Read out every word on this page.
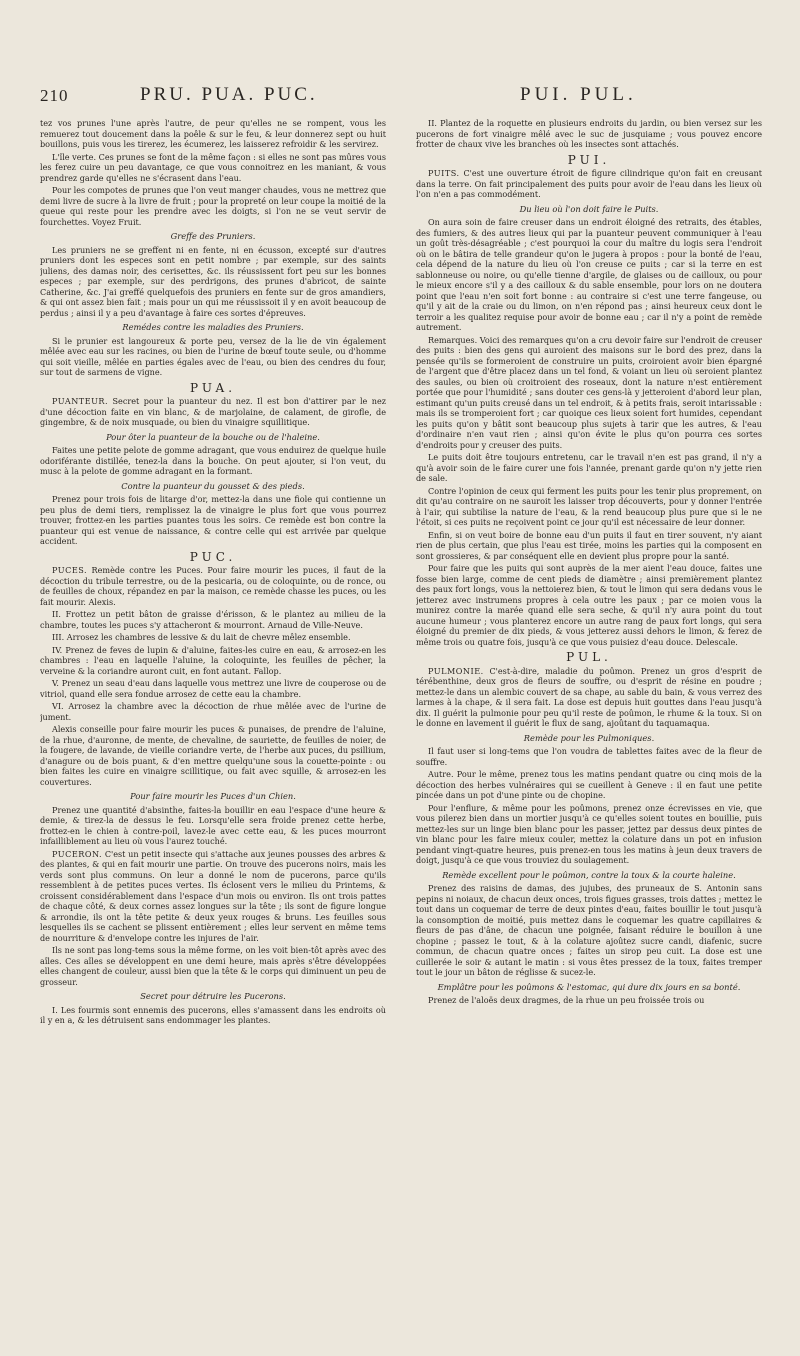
210	PRU. PUA. PUC.	PUI. PUL.

tez vos prunes l'une après l'autre, de peur qu'elles ne se rompent, vous les remuerez tout doucement dans la poêle & sur le feu, & leur donnerez sept ou huit bouillons, puis vous les tirerez, les écumerez, les laisserez refroidir & les servirez.

L'île verte. Ces prunes se font de la même façon : si elles ne sont pas mûres vous les ferez cuire un peu davantage, ce que vous connoitrez en les maniant, & vous prendrez garde qu'elles ne s'écrasent dans l'eau.

Pour les compotes de prunes que l'on veut manger chaudes, vous ne mettrez que demi livre de sucre à la livre de fruit ; pour la propreté on leur coupe la moitié de la queue qui reste pour les prendre avec les doigts, si l'on ne se veut servir de fourchettes. Voyez Fruit.

Greffe des Pruniers.

Les pruniers ne se greffent ni en fente, ni en écusson, excepté sur d'autres pruniers dont les especes sont en petit nombre ; par exemple, sur des saints juliens, des damas noir, des cerisettes, &c. ils réussissent fort peu sur les bonnes especes ; par exemple, sur des perdrigons, des prunes d'abricot, de sainte Catherine, &c. J'ai greffé quelquefois des pruniers en fente sur de gros amandiers, & qui ont assez bien fait ; mais pour un qui me réussissoit il y en avoit beaucoup de perdus ; ainsi il y a peu d'avantage à faire ces sortes d'épreuves.

Remédes contre les maladies des Pruniers.

Si le prunier est langoureux & porte peu, versez de la lie de vin également mêlée avec eau sur les racines, ou bien de l'urine de bœuf toute seule, ou d'homme qui soit vieille, mêlée en parties égales avec de l'eau, ou bien des cendres du four, sur tout de sarmens de vigne.

PUA.

PUANTEUR. Secret pour la puanteur du nez. Il est bon d'attirer par le nez d'une décoction faite en vin blanc, & de marjolaine, de calament, de girofle, de gingembre, & de noix musquade, ou bien du vinaigre squillitique.

Pour ôter la puanteur de la bouche ou de l'haleine.

Faites une petite pelote de gomme adragant, que vous enduirez de quelque huile odoriférante distillée, tenez-la dans la bouche. On peut ajouter, si l'on veut, du musc à la pelote de gomme adragant en la formant.

Contre la puanteur du gousset & des pieds.

Prenez pour trois fois de litarge d'or, mettez-la dans une fiole qui contienne un peu plus de demi tiers, remplissez la de vinaigre le plus fort que vous pourrez trouver, frottez-en les parties puantes tous les soirs. Ce remède est bon contre la puanteur qui est venue de naissance, & contre celle qui est arrivée par quelque accident.

PUC.

PUCES. Remède contre les Puces. Pour faire mourir les puces, il faut de la décoction du tribule terrestre, ou de la pesicaria, ou de coloquinte, ou de ronce, ou de feuilles de choux, répandez en par la maison, ce remède chasse les puces, ou les fait mourir. Alexis.

II. Frottez un petit bâton de graisse d'érisson, & le plantez au milieu de la chambre, toutes les puces s'y attacheront & mourront. Arnaud de Ville-Neuve.

III. Arrosez les chambres de lessive & du lait de chevre mêlez ensemble.

IV. Prenez de feves de lupin & d'aluine, faites-les cuire en eau, & arrosez-en les chambres : l'eau en laquelle l'aluine, la coloquinte, les feuilles de pêcher, la verveine & la coriandre auront cuit, en font autant. Fallop.

V. Prenez un seau d'eau dans laquelle vous mettrez une livre de couperose ou de vitriol, quand elle sera fondue arrosez de cette eau la chambre.

VI. Arrosez la chambre avec la décoction de rhue mêlée avec de l'urine de jument.

Alexis conseille pour faire mourir les puces & punaises, de prendre de l'aluine, de la rhue, d'auronne, de mente, de chevaline, de sauriette, de feuilles de noier, de la fougere, de lavande, de vieille coriandre verte, de l'herbe aux puces, du psillium, d'anagure ou de bois puant, & d'en mettre quelqu'une sous la couette-pointe : ou bien faites les cuire en vinaigre scillitique, ou fait avec squille, & arrosez-en les couvertures.

Pour faire mourir les Puces d'un Chien.

Prenez une quantité d'absinthe, faites-la bouillir en eau l'espace d'une heure & demie, & tirez-la de dessus le feu. Lorsqu'elle sera froide prenez cette herbe, frottez-en le chien à contre-poil, lavez-le avec cette eau, & les puces mourront infailliblement au lieu où vous l'aurez touché.

PUCERON. C'est un petit insecte qui s'attache aux jeunes pousses des arbres & des plantes, & qui en fait mourir une partie. On trouve des pucerons noirs, mais les verds sont plus communs. On leur a donné le nom de pucerons, parce qu'ils ressemblent à de petites puces vertes. Ils éclosent vers le milieu du Printems, & croissent considérablement dans l'espace d'un mois ou environ. Ils ont trois pattes de chaque côté, & deux cornes assez longues sur la tête ; ils sont de figure longue & arrondie, ils ont la tête petite & deux yeux rouges & bruns. Les feuilles sous lesquelles ils se cachent se plissent entièrement ; elles leur servent en même tems de nourriture & d'envelope contre les injures de l'air.

Ils ne sont pas long-tems sous la même forme, on les voit bien-tôt après avec des aîles. Ces aîles se développent en une demi heure, mais après s'être développées elles changent de couleur, aussi bien que la tête & le corps qui diminuent un peu de grosseur.

Secret pour détruire les Pucerons.

I. Les fourmis sont ennemis des pucerons, elles s'amassent dans les endroits où il y en a, & les détruisent sans endommager les plantes.

II. Plantez de la roquette en plusieurs endroits du jardin, ou bien versez sur les pucerons de fort vinaigre mêlé avec le suc de jusquiame ; vous pouvez encore frotter de chaux vive les branches où les insectes sont attachés.

PUI.

PUITS. C'est une ouverture étroit de figure cilindrique qu'on fait en creusant dans la terre. On fait principalement des puits pour avoir de l'eau dans les lieux où l'on n'en a pas commodément.

Du lieu où l'on doit faire le Puits.

On aura soin de faire creuser dans un endroit éloigné des retraits, des étables, des fumiers, & des autres lieux qui par la puanteur peuvent communiquer à l'eau un goût très-désagréable ; c'est pourquoi la cour du maître du logis sera l'endroit où on le bâtira de telle grandeur qu'on le jugera à propos : pour la bonté de l'eau, cela dépend de la nature du lieu où l'on creuse ce puits ; car si la terre en est sablonneuse ou noire, ou qu'elle tienne d'argile, de glaises ou de cailloux, ou pour le mieux encore s'il y a des cailloux & du sable ensemble, pour lors on ne doutera point que l'eau n'en soit fort bonne : au contraire si c'est une terre fangeuse, ou qu'il y ait de la craie ou du limon, on n'en répond pas ; ainsi heureux ceux dont le terroir a les qualitez requise pour avoir de bonne eau ; car il n'y a point de remède autrement.

Remarques. Voici des remarques qu'on a cru devoir faire sur l'endroit de creuser des puits : bien des gens qui auroient des maisons sur le bord des prez, dans la pensée qu'ils se formeroient de construire un puits, croiroient avoir bien épargné de l'argent que d'être placez dans un tel fond, & voiant un lieu où seroient plantez des saules, ou bien où croitroient des roseaux, dont la nature n'est entièrement portée que pour l'humidité ; sans douter ces gens-là y jetteroient d'abord leur plan, estimant qu'un puits creusé dans un tel endroit, & à petits frais, seroit intarissable : mais ils se tromperoient fort ; car quoique ces lieux soient fort humides, cependant les puits qu'on y bâtit sont beaucoup plus sujets à tarir que les autres, & l'eau d'ordinaire n'en vaut rien ; ainsi qu'on évite le plus qu'on pourra ces sortes d'endroits pour y creuser des puits.

Le puits doit être toujours entretenu, car le travail n'en est pas grand, il n'y a qu'à avoir soin de le faire curer une fois l'année, prenant garde qu'on n'y jette rien de sale.

Contre l'opinion de ceux qui ferment les puits pour les tenir plus proprement, on dit qu'au contraire on ne sauroit les laisser trop découverts, pour y donner l'entrée à l'air, qui subtilise la nature de l'eau, & la rend beaucoup plus pure que si le ne l'étoit, si ces puits ne reçoivent point ce jour qu'il est nécessaire de leur donner.

Enfin, si on veut boire de bonne eau d'un puits il faut en tirer souvent, n'y aiant rien de plus certain, que plus l'eau est tirée, moins les parties qui la composent en sont grossieres, & par conséquent elle en devient plus propre pour la santé.

Pour faire que les puits qui sont auprès de la mer aient l'eau douce, faites une fosse bien large, comme de cent pieds de diamètre ; ainsi premièrement plantez des paux fort longs, vous la nettoierez bien, & tout le limon qui sera dedans vous le jetterez avec instrumens propres à cela outre les paux ; par ce moien vous la munirez contre la marée quand elle sera seche, & qu'il n'y aura point du tout aucune humeur ; vous planterez encore un autre rang de paux fort longs, qui sera éloigné du premier de dix pieds, & vous jetterez aussi dehors le limon, & ferez de même trois ou quatre fois, jusqu'à ce que vous puisiez d'eau douce. Delescale.

PUL.

PULMONIE. C'est-à-dire, maladie du poûmon. Prenez un gros d'esprit de térébenthine, deux gros de fleurs de souffre, ou d'esprit de résine en poudre ; mettez-le dans un alembic couvert de sa chape, au sable du bain, & vous verrez des larmes à la chape, & il sera fait. La dose est depuis huit gouttes dans l'eau jusqu'à dix. Il guérit la pulmonie pour peu qu'il reste de poûmon, le rhume & la toux. Si on le donne en lavement il guérit le flux de sang, ajoûtant du taquamaqua.

Remède pour les Pulmoniques.

Il faut user si long-tems que l'on voudra de tablettes faites avec de la fleur de souffre.

Autre. Pour le même, prenez tous les matins pendant quatre ou cinq mois de la décoction des herbes vulnéraires qui se cueillent à Geneve : il en faut une petite pincée dans un pot d'une pinte ou de chopine.

Pour l'enflure, & même pour les poûmons, prenez onze écrevisses en vie, que vous pilerez bien dans un mortier jusqu'à ce qu'elles soient toutes en bouillie, puis mettez-les sur un linge bien blanc pour les passer, jettez par dessus deux pintes de vin blanc pour les faire mieux couler, mettez la colature dans un pot en infusion pendant vingt-quatre heures, puis prenez-en tous les matins à jeun deux travers de doigt, jusqu'à ce que vous trouviez du soulagement.

Remède excellent pour le poûmon, contre la toux & la courte haleine.

Prenez des raisins de damas, des jujubes, des pruneaux de S. Antonin sans pepins ni noiaux, de chacun deux onces, trois figues grasses, trois dattes ; mettez le tout dans un coquemar de terre de deux pintes d'eau, faites bouillir le tout jusqu'à la consomption de moitié, puis mettez dans le coquemar les quatre capillaires & fleurs de pas d'âne, de chacun une poignée, faisant réduire le bouillon à une chopine ; passez le tout, & à la colature ajoûtez sucre candi, diafenic, sucre commun, de chacun quatre onces ; faites un sirop peu cuit. La dose est une cuillerée le soir & autant le matin : si vous êtes pressez de la toux, faites tremper tout le jour un bâton de réglisse & sucez-le.

Emplâtre pour les poûmons & l'estomac, qui dure dix jours en sa bonté.

Prenez de l'aloës deux dragmes, de la rhue un peu froissée trois ou
